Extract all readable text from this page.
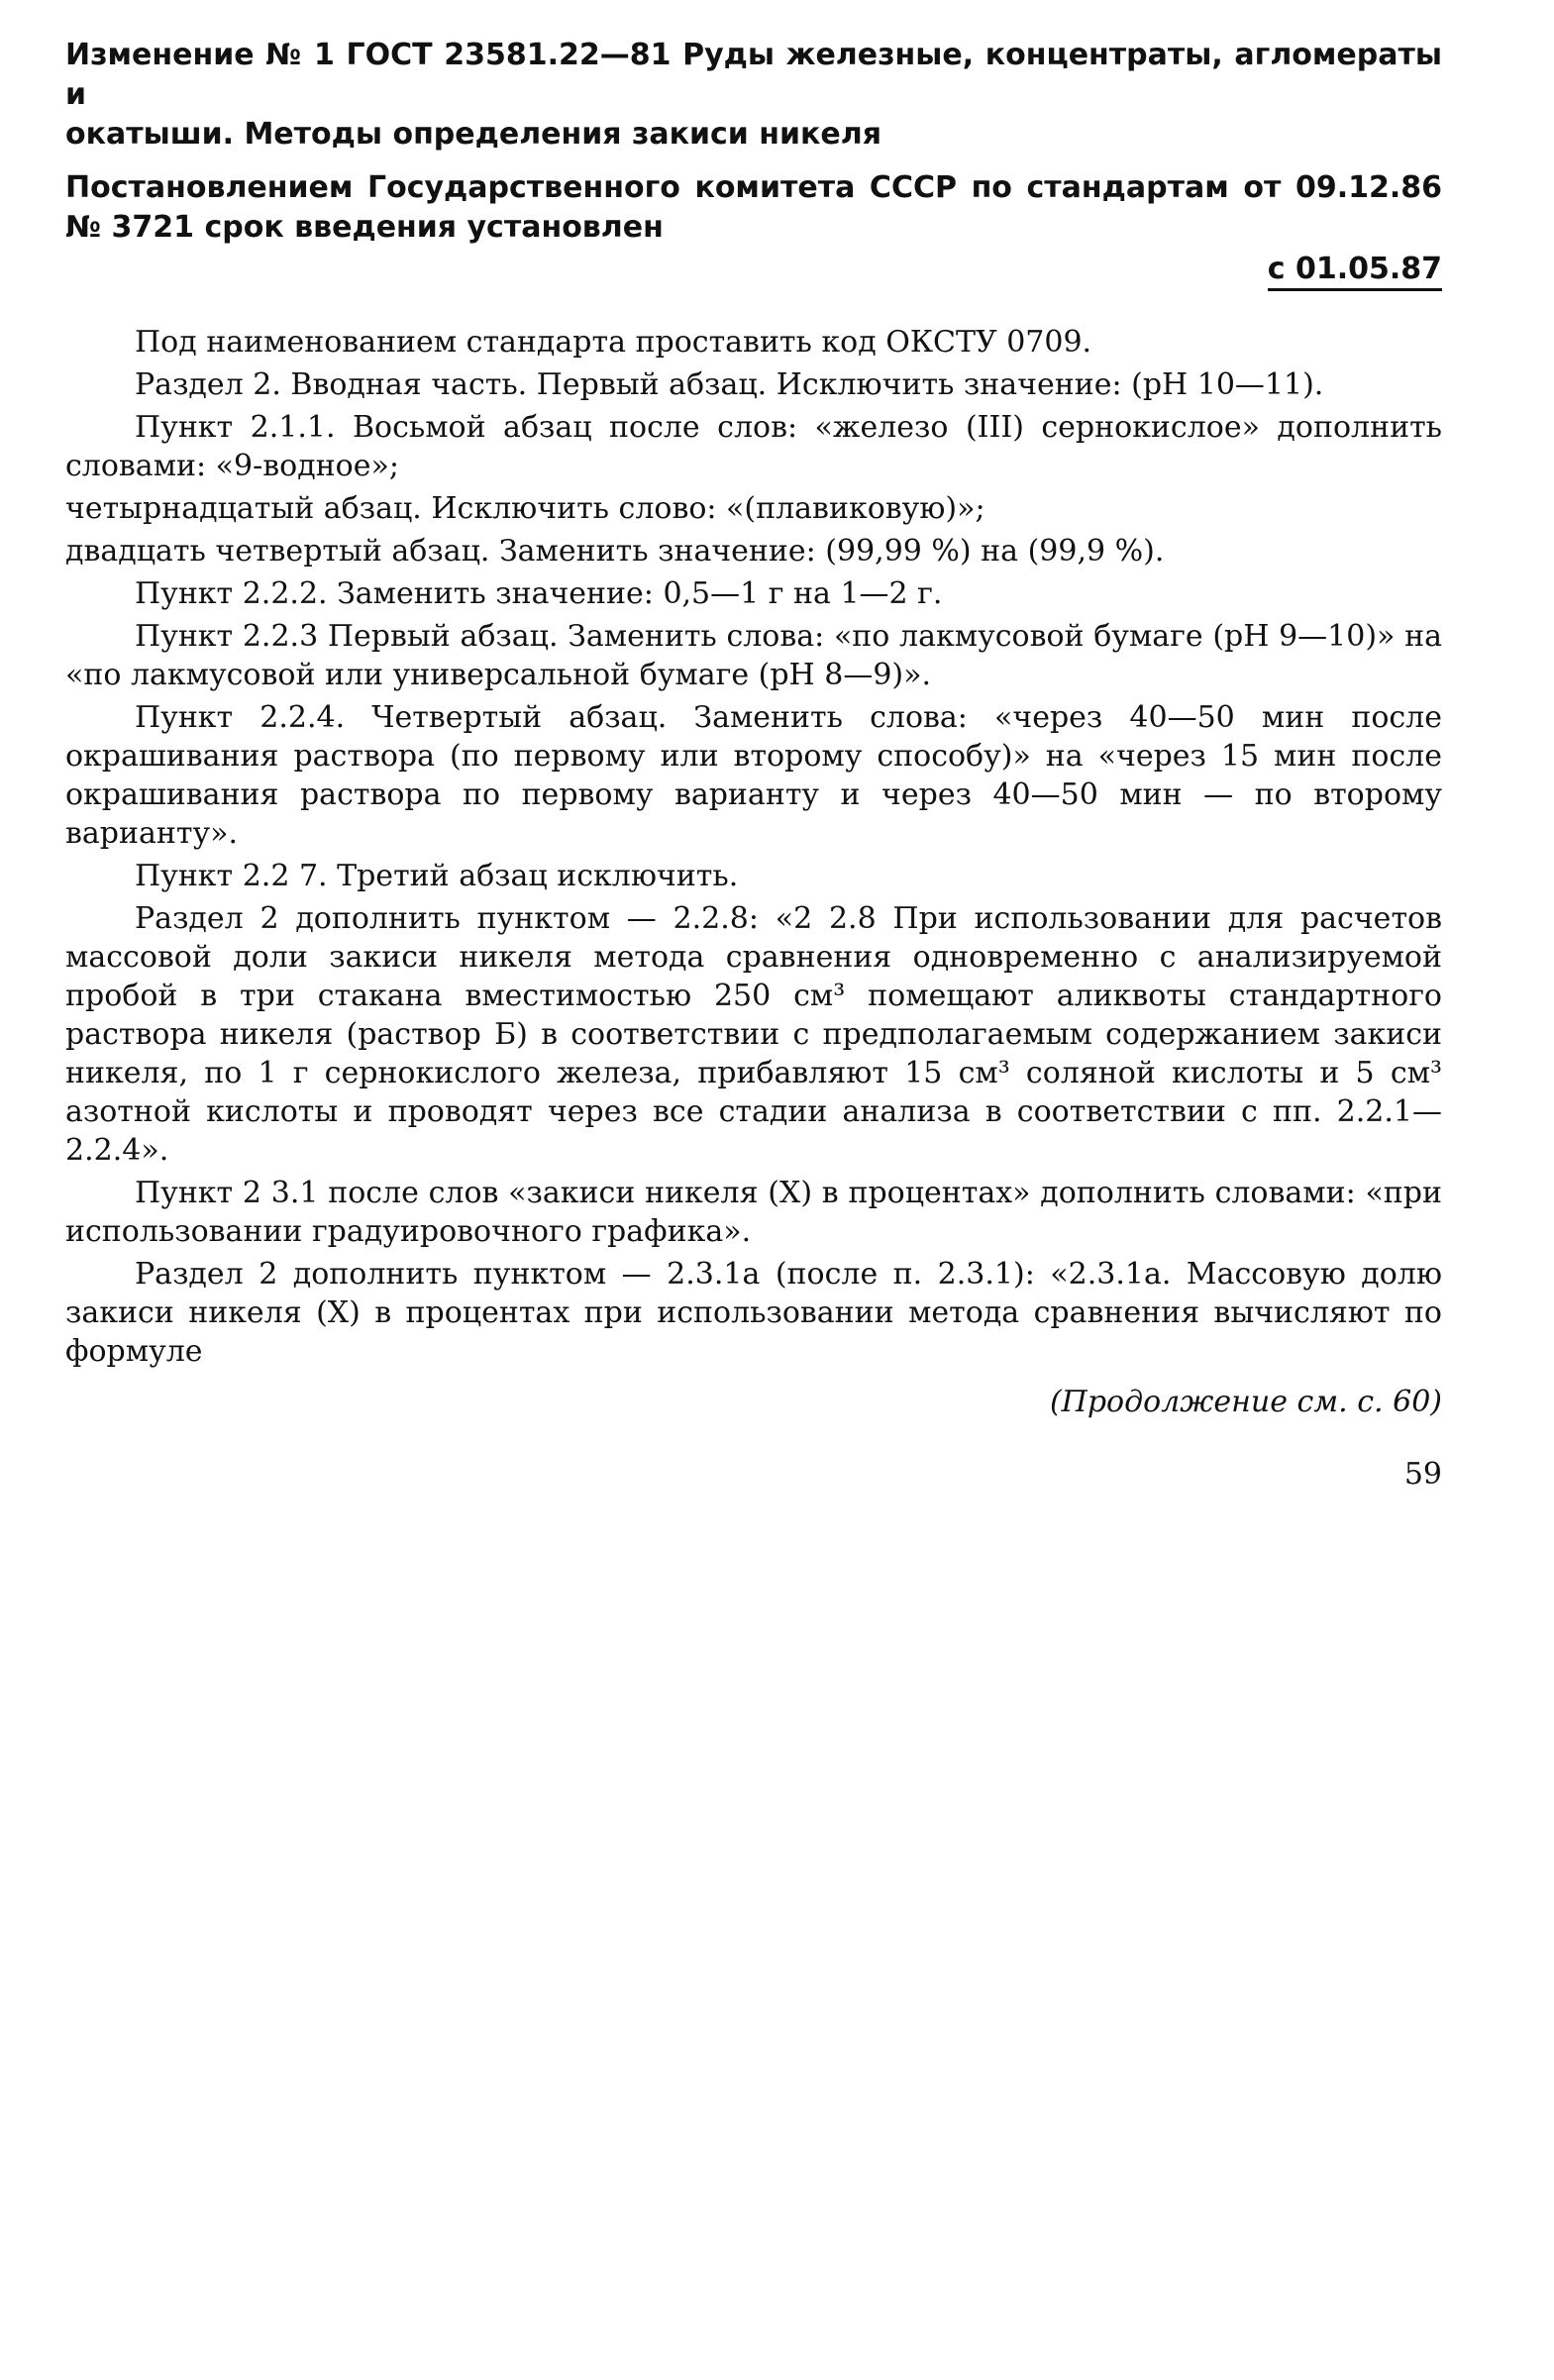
Изменение № 1 ГОСТ 23581.22—81 Руды железные, концентраты, агломераты и
окатыши. Методы определения закиси никеля
Постановлением Государственного комитета СССР по стандартам от 09.12.86 № 3721 срок введения установлен
с 01.05.87

Под наименованием стандарта проставить код ОКСТУ 0709.

Раздел 2. Вводная часть. Первый абзац. Исключить значение: (рН 10—11).

Пункт 2.1.1. Восьмой абзац после слов: «железо (III) сернокислое» дополнить словами: «9-водное»;

четырнадцатый абзац. Исключить слово: «(плавиковую)»;

двадцать четвертый абзац. Заменить значение: (99,99 %) на (99,9 %).

Пункт 2.2.2. Заменить значение: 0,5—1 г на 1—2 г.

Пункт 2.2.3 Первый абзац. Заменить слова: «по лакмусовой бумаге (рН 9—10)» на «по лакмусовой или универсальной бумаге (рН 8—9)».

Пункт 2.2.4. Четвертый абзац. Заменить слова: «через 40—50 мин после окрашивания раствора (по первому или второму способу)» на «через 15 мин после окрашивания раствора по первому варианту и через 40—50 мин — по второму варианту».

Пункт 2.2 7. Третий абзац исключить.

Раздел 2 дополнить пунктом — 2.2.8: «2 2.8 При использовании для расчетов массовой доли закиси никеля метода сравнения одновременно с анализируемой пробой в три стакана вместимостью 250 см³ помещают аликвоты стандартного раствора никеля (раствор Б) в соответствии с предполагаемым содержанием закиси никеля, по 1 г сернокислого железа, прибавляют 15 см³ соляной кислоты и 5 см³ азотной кислоты и проводят через все стадии анализа в соответствии с пп. 2.2.1—2.2.4».

Пункт 2 3.1 после слов «закиси никеля (X) в процентах» дополнить словами: «при использовании градуировочного графика».

Раздел 2 дополнить пунктом — 2.3.1а (после п. 2.3.1): «2.3.1а. Массовую долю закиси никеля (X) в процентах при использовании метода сравнения вычисляют по формуле

(Продолжение см. с. 60)
59
